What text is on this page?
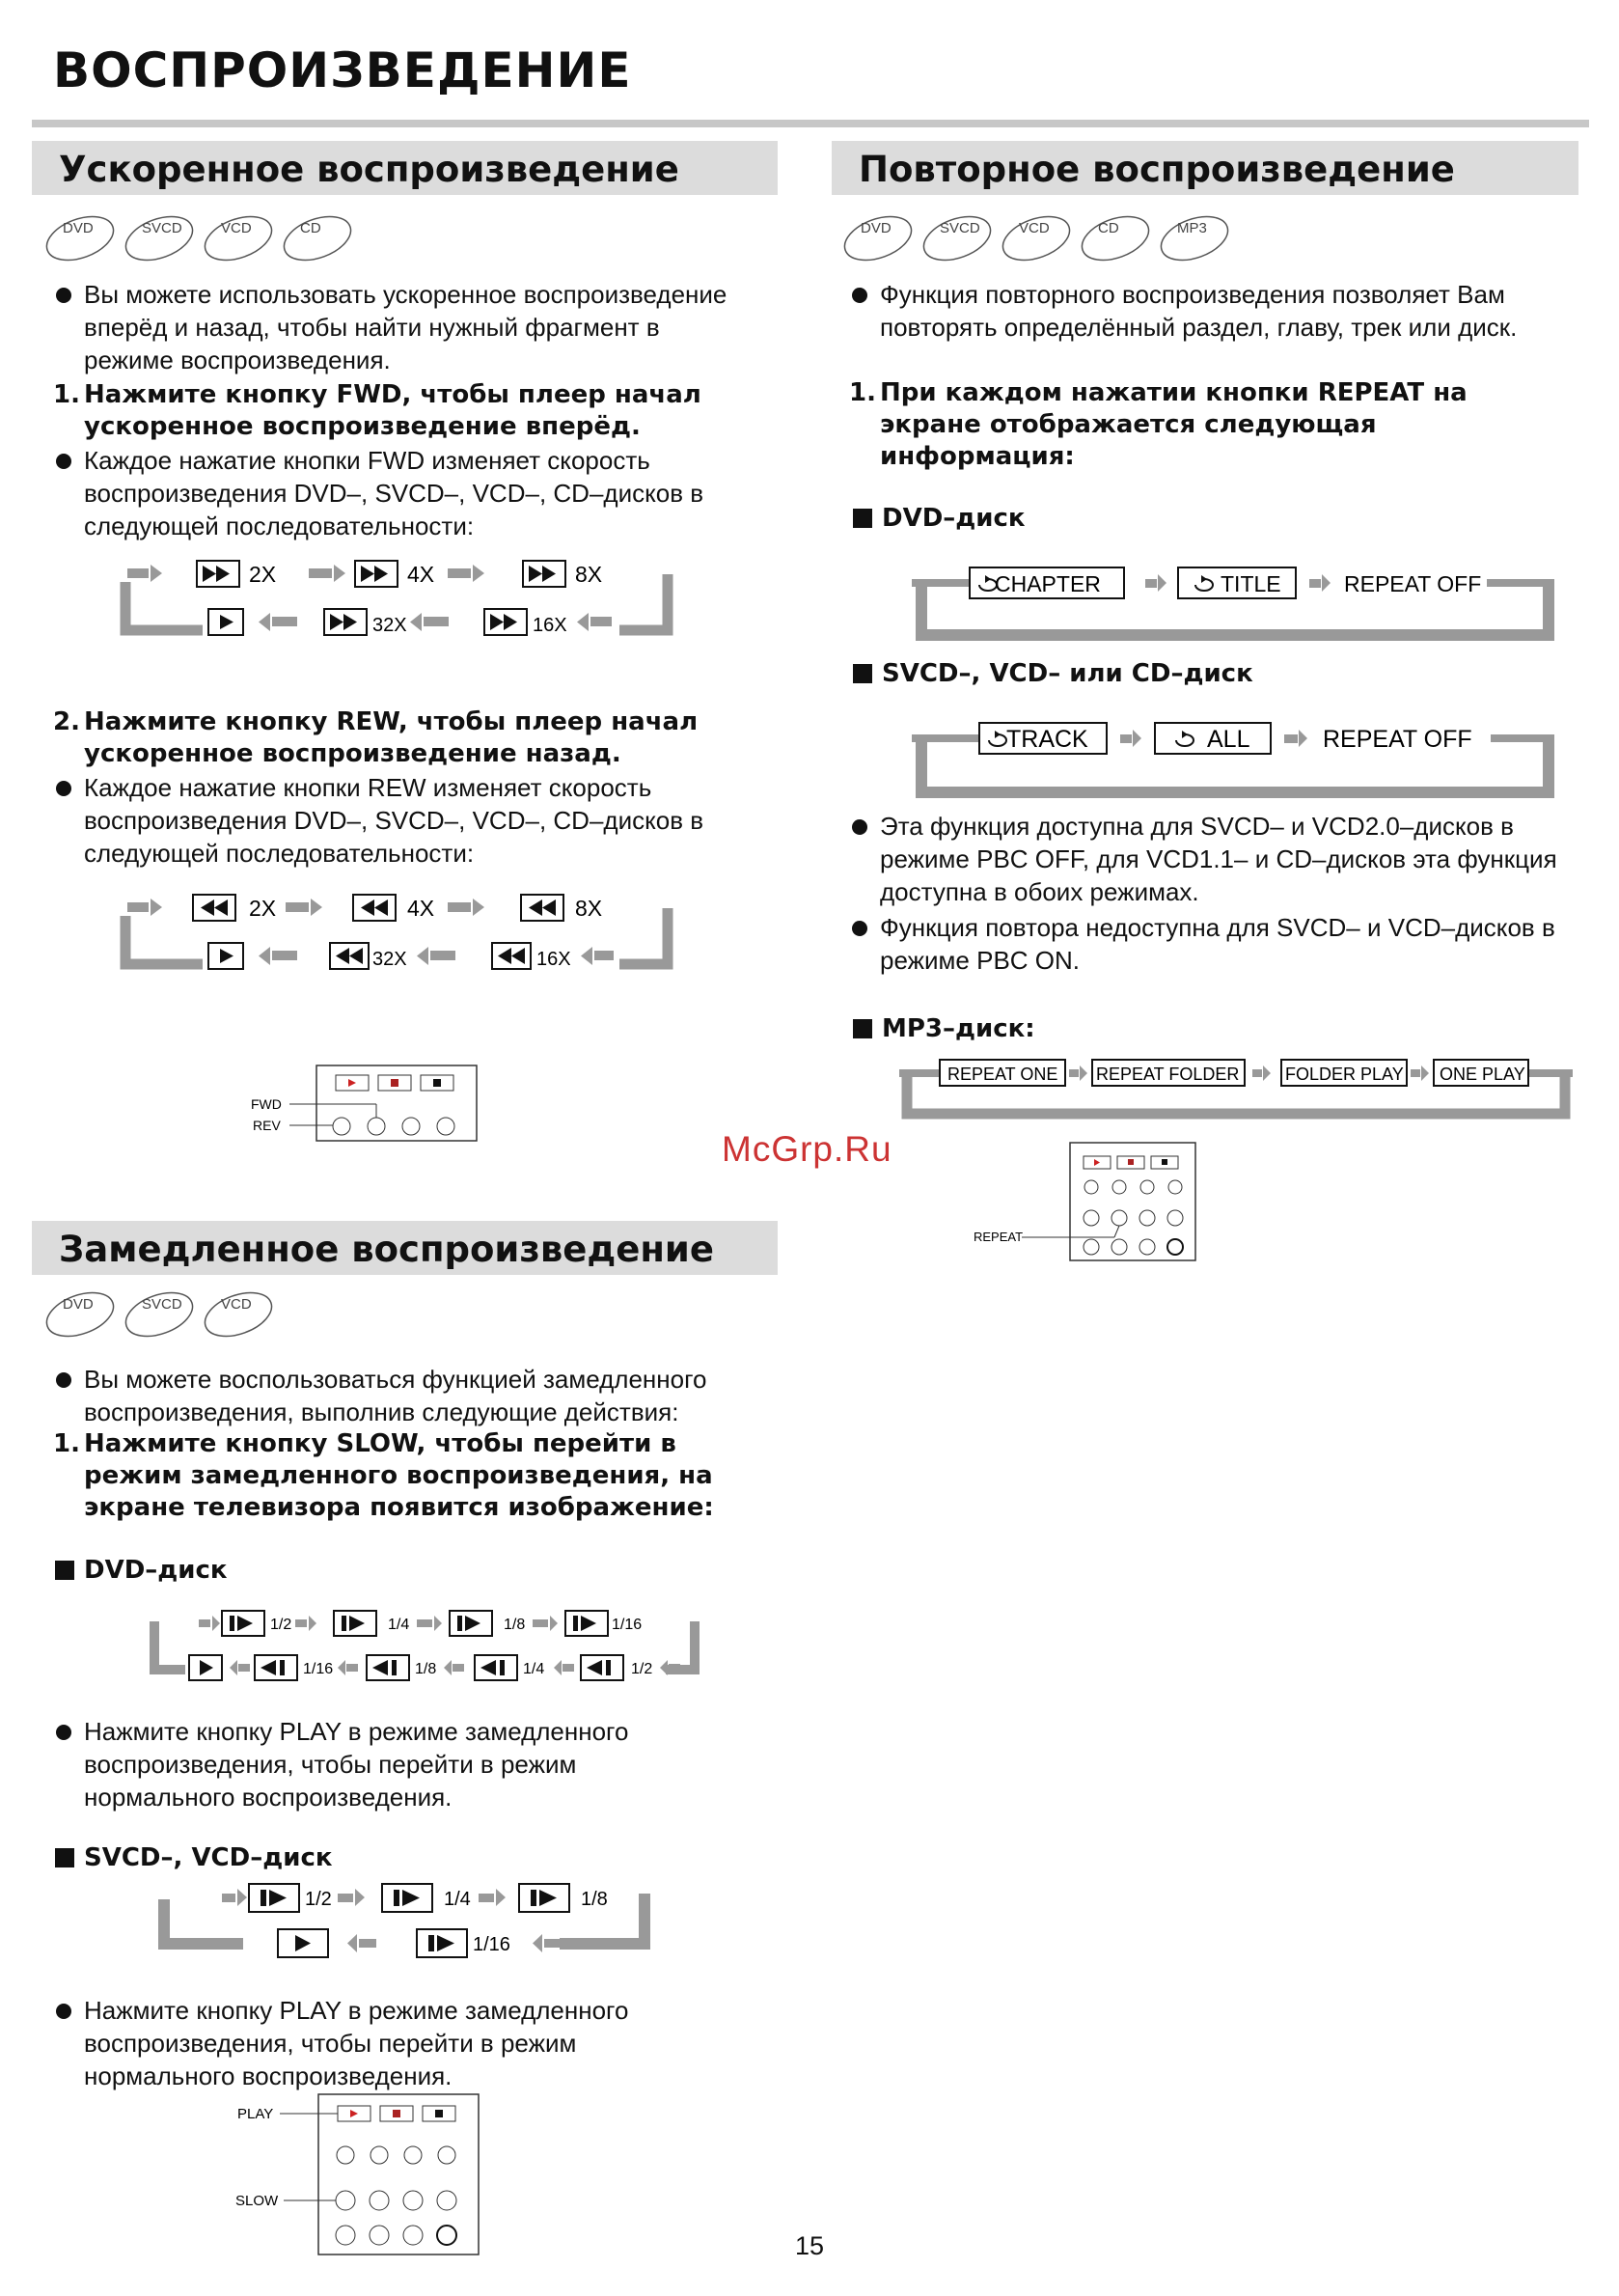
ВОСПРОИЗВЕДЕНИЕ
Ускоренное воспроизведение
DVD	SVCD	VCD	CD
Вы можете использовать ускоренное воспроизведение вперёд и назад, чтобы найти нужный фрагмент в режиме воспроизведения.
1. Нажмите кнопку FWD, чтобы плеер начал ускоренное воспроизведение вперёд.
Каждое нажатие кнопки FWD изменяет скорость воспроизведения DVD–, SVCD–, VCD–, CD–дисков в следующей последовательности:
2X	4X	8X
32X	16X
2. Нажмите кнопку REW, чтобы плеер начал ускоренное воспроизведение назад.
Каждое нажатие кнопки REW изменяет скорость воспроизведения DVD–, SVCD–, VCD–, CD–дисков в следующей последовательности:
2X	4X	8X
32X	16X
FWD
REV
Замедленное воспроизведение
DVD	SVCD	VCD
Вы можете воспользоваться функцией замедленного воспроизведения, выполнив следующие действия:
1. Нажмите кнопку SLOW, чтобы перейти в режим замедленного воспроизведения, на экране телевизора появится изображение:
DVD–диск
1/2	1/4	1/8	1/16
1/16	1/8	1/4	1/2
Нажмите кнопку PLAY в режиме замедленного воспроизведения, чтобы перейти в режим нормального воспроизведения.
SVCD–, VCD–диск
1/2	1/4	1/8
1/16
Нажмите кнопку PLAY в режиме замедленного воспроизведения, чтобы перейти в режим нормального воспроизведения.
PLAY
SLOW
Повторное воспроизведение
DVD	SVCD	VCD	CD	MP3
Функция повторного воспроизведения позволяет Вам повторять определённый раздел, главу, трек или диск.
1. При каждом нажатии кнопки REPEAT на экране отображается следующая информация:
DVD–диск
CHAPTER	TITLE	REPEAT OFF
SVCD–, VCD– или CD–диск
TRACK	ALL	REPEAT OFF
Эта функция доступна для SVCD– и VCD2.0–дисков в режиме PBC OFF, для VCD1.1– и CD–дисков эта функция доступна в обоих режимах.
Функция повтора недоступна для SVCD– и VCD–дисков в режиме PBC ON.
MP3–диск:
REPEAT ONE REPEAT FOLDER	FOLDER PLAY ONE PLAY
McGrp.Ru
REPEAT
15
